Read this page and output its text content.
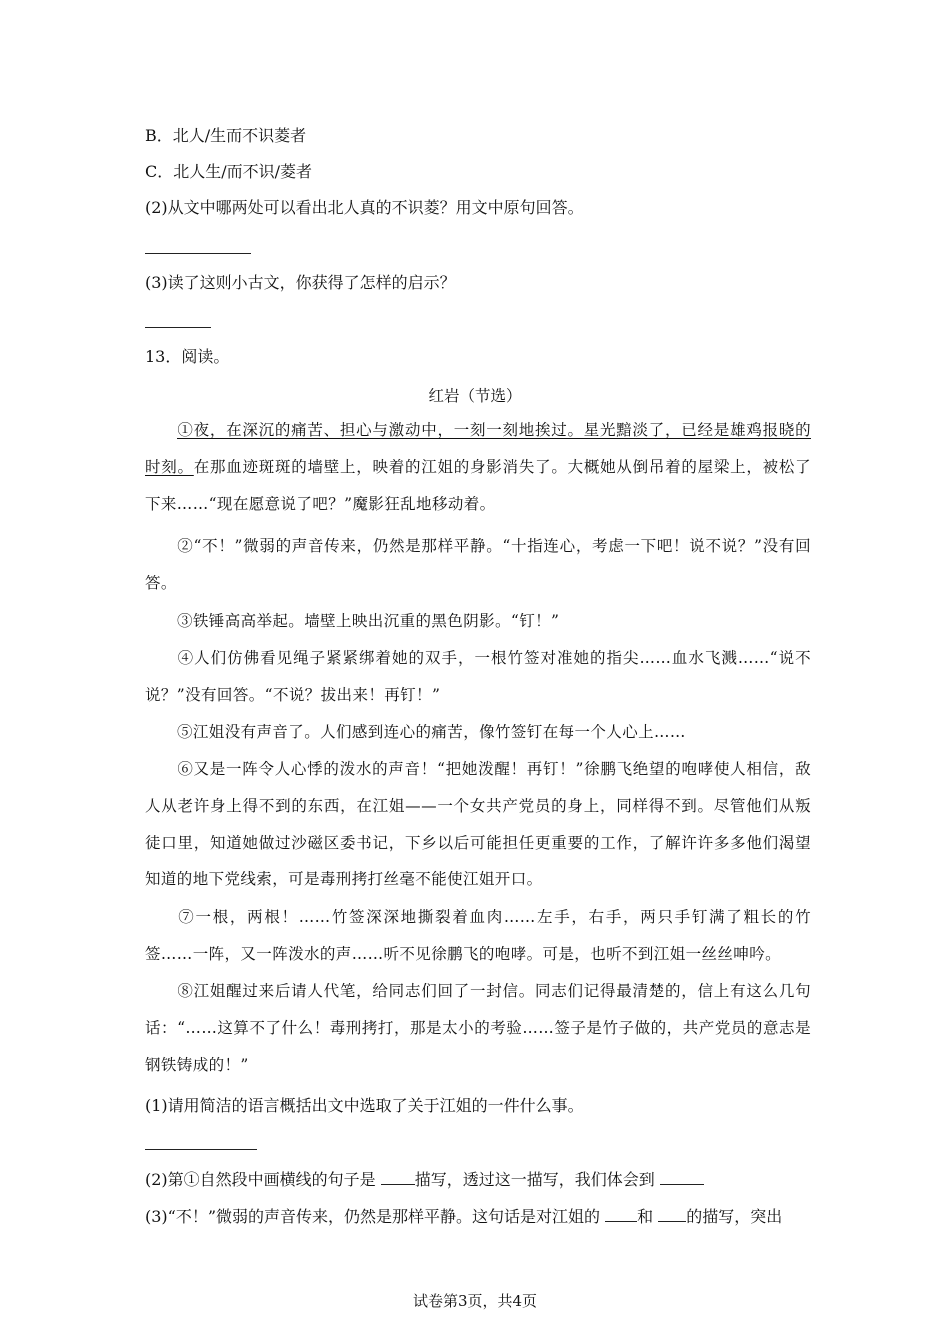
B．北人/生而不识菱者
C．北人生/而不识/菱者
(2)从文中哪两处可以看出北人真的不识菱？用文中原句回答。
(3)读了这则小古文，你获得了怎样的启示？
13．阅读。
红岩（节选）
①夜，在深沉的痛苦、担心与激动中，一刻一刻地挨过。星光黯淡了，已经是雄鸡报晓的时刻。在那血迹斑斑的墙壁上，映着的江姐的身影消失了。大概她从倒吊着的屋梁上，被松了下来……“现在愿意说了吧？”魔影狂乱地移动着。
②“不！”微弱的声音传来，仍然是那样平静。“十指连心，考虑一下吧！说不说？”没有回答。
③铁锤高高举起。墙壁上映出沉重的黑色阴影。“钉！”
④人们仿佛看见绳子紧紧绑着她的双手，一根竹签对准她的指尖……血水飞溅……“说不说？”没有回答。“不说？拔出来！再钉！”
⑤江姐没有声音了。人们感到连心的痛苦，像竹签钉在每一个人心上……
⑥又是一阵令人心悸的泼水的声音！“把她泼醒！再钉！”徐鹏飞绝望的咆哮使人相信，敌人从老许身上得不到的东西，在江姐——一个女共产党员的身上，同样得不到。尽管他们从叛徒口里，知道她做过沙磁区委书记，下乡以后可能担任更重要的工作，了解许许多多他们渴望知道的地下党线索，可是毒刑拷打丝毫不能使江姐开口。
⑦一根，两根！……竹签深深地撕裂着血肉……左手，右手，两只手钉满了粗长的竹签……一阵，又一阵泼水的声……听不见徐鹏飞的咆哮。可是，也听不到江姐一丝丝呻吟。
⑧江姐醒过来后请人代笔，给同志们回了一封信。同志们记得最清楚的，信上有这么几句话：“……这算不了什么！毒刑拷打，那是太小的考验……签子是竹子做的，共产党员的意志是钢铁铸成的！”
(1)请用简洁的语言概括出文中选取了关于江姐的一件什么事。
(2)第①自然段中画横线的句子是 描写，透过这一描写，我们体会到
(3)“不！”微弱的声音传来，仍然是那样平静。这句话是对江姐的 和 的描写，突出
试卷第3页，共4页
